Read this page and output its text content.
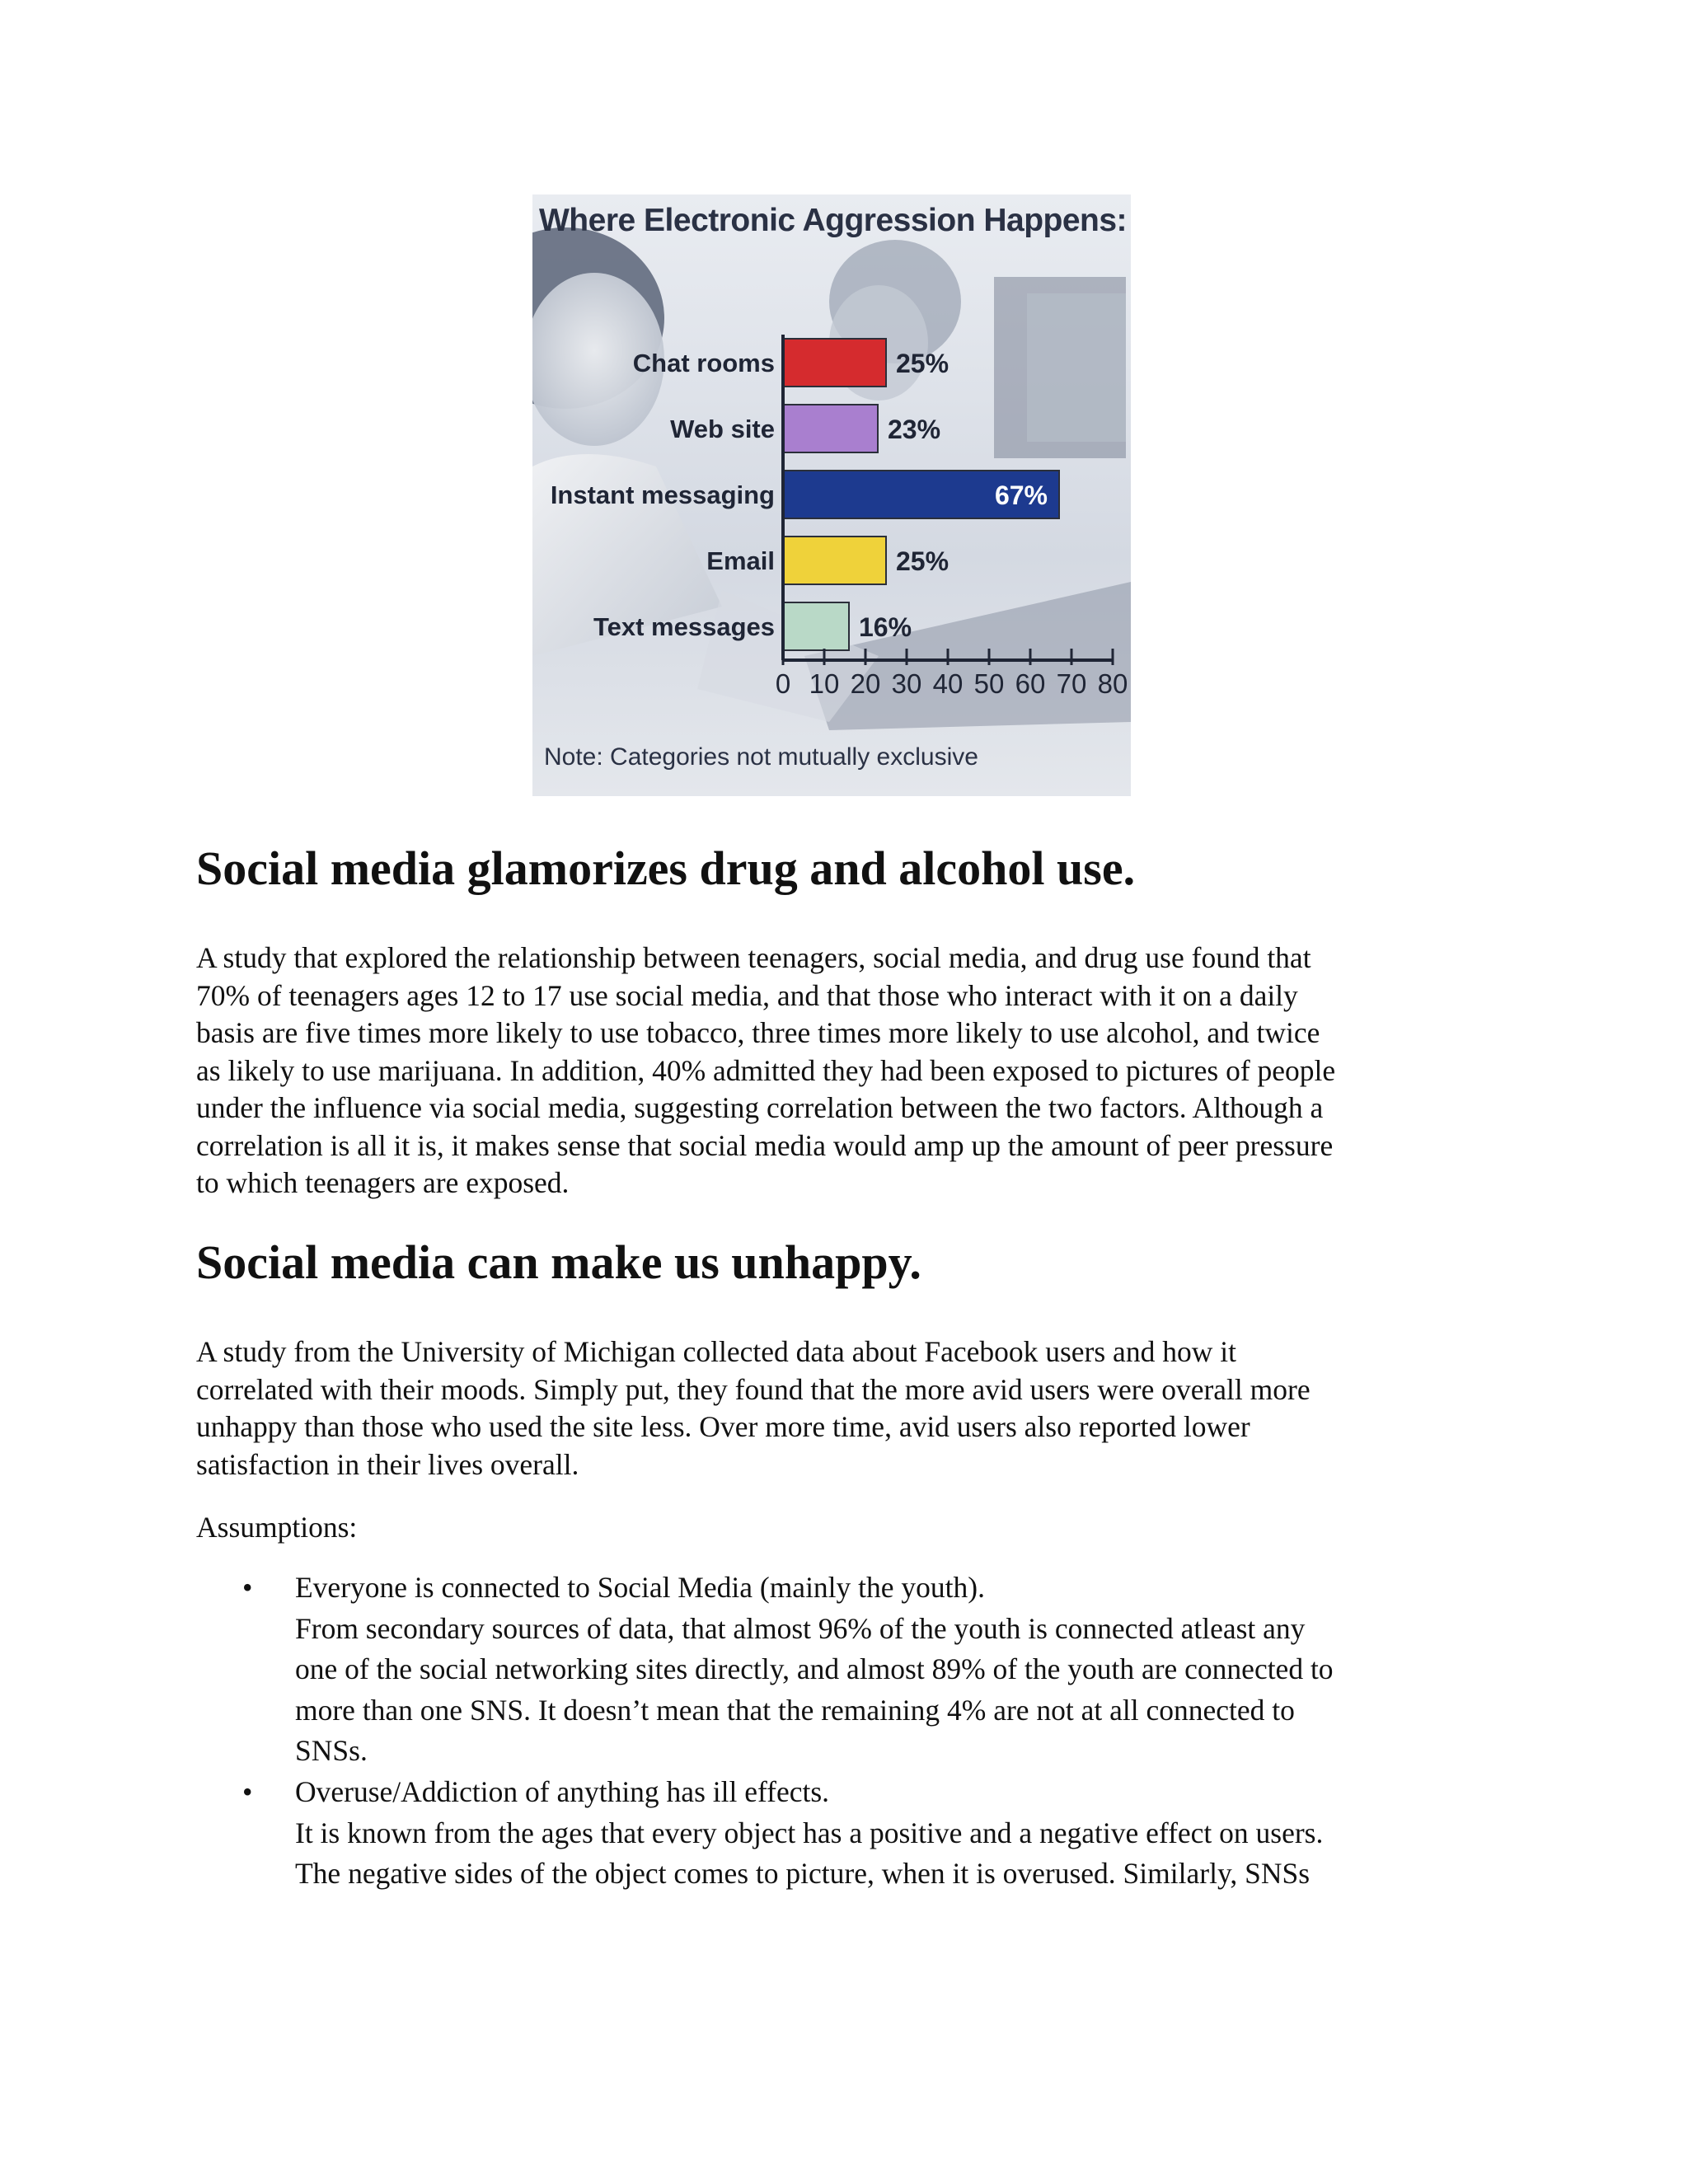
Where Electronic Aggression Happens:
Chat rooms	25%
Web site	23%
Instant messaging	67%
Email	25%
Text messages	16%
0 10 20 30 40 50 60 70 80
Note: Categories not mutually exclusive
Social media glamorizes drug and alcohol use.
A study that explored the relationship between teenagers, social media, and drug use found that
70% of teenagers ages 12 to 17 use social media, and that those who interact with it on a daily
basis are five times more likely to use tobacco, three times more likely to use alcohol, and twice
as likely to use marijuana. In addition, 40% admitted they had been exposed to pictures of people
under the influence via social media, suggesting correlation between the two factors. Although a
correlation is all it is, it makes sense that social media would amp up the amount of peer pressure
to which teenagers are exposed.
Social media can make us unhappy.
A study from the University of Michigan collected data about Facebook users and how it
correlated with their moods. Simply put, they found that the more avid users were overall more
unhappy than those who used the site less. Over more time, avid users also reported lower
satisfaction in their lives overall.
Assumptions:
• Everyone is connected to Social Media (mainly the youth).
From secondary sources of data, that almost 96% of the youth is connected atleast any
one of the social networking sites directly, and almost 89% of the youth are connected to
more than one SNS. It doesn’t mean that the remaining 4% are not at all connected to
SNSs.
• Overuse/Addiction of anything has ill effects.
It is known from the ages that every object has a positive and a negative effect on users.
The negative sides of the object comes to picture, when it is overused. Similarly, SNSs
